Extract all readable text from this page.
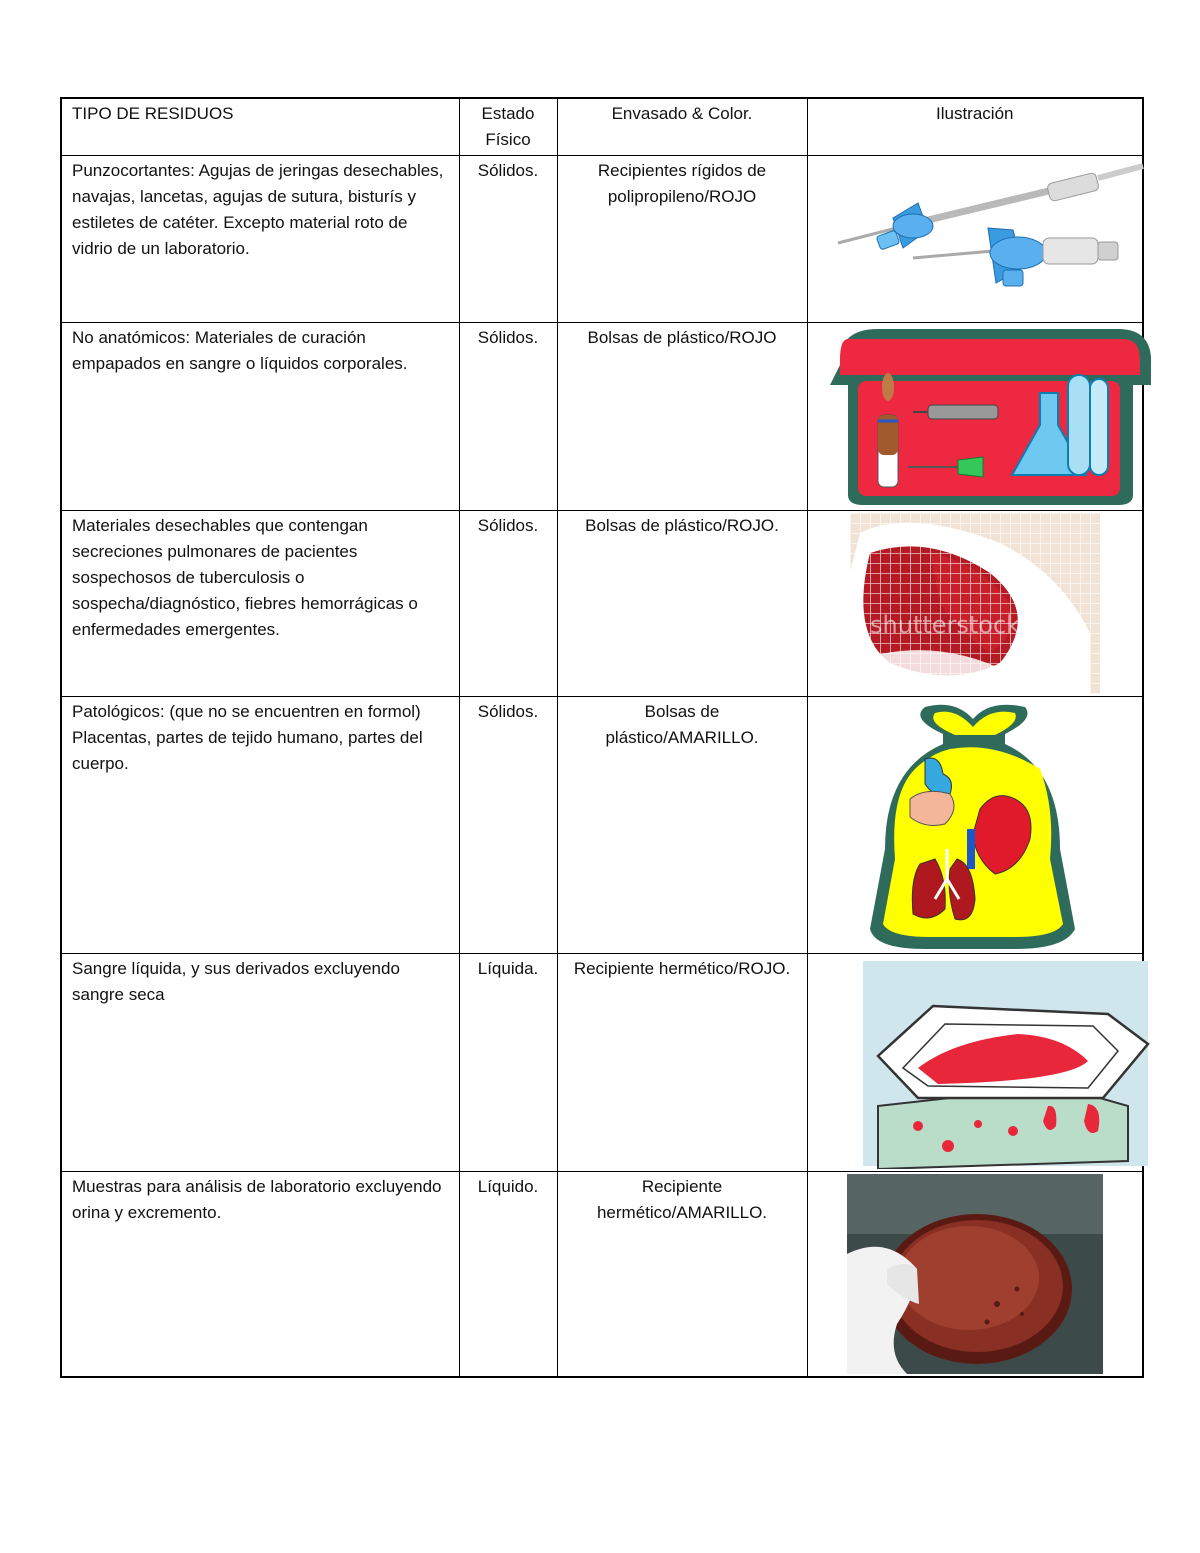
TIPO DE RESIDUOS	Estado Físico	Envasado & Color.	Ilustración
Punzocortantes: Agujas de jeringas desechables, navajas, lancetas, agujas de sutura, bisturís y estiletes de catéter. Excepto material roto de vidrio de un laboratorio.	Sólidos.	Recipientes rígidos de polipropileno/ROJO	

No anatómicos: Materiales de curación empapados en sangre o líquidos corporales.	Sólidos.	Bolsas de plástico/ROJO	

Materiales desechables que contengan secreciones pulmonares de pacientes sospechosos de tuberculosis o sospecha/diagnóstico, fiebres hemorrágicas o enfermedades emergentes.	Sólidos.	Bolsas de plástico/ROJO.	shutterstock

Patológicos: (que no se encuentren en formol) Placentas, partes de tejido humano, partes del cuerpo.	Sólidos.	Bolsas de plástico/AMARILLO.	

Sangre líquida, y sus derivados excluyendo sangre seca	Líquida.	Recipiente hermético/ROJO.	

Muestras para análisis de laboratorio excluyendo orina y excremento.	Líquido.	Recipiente hermético/AMARILLO.	
